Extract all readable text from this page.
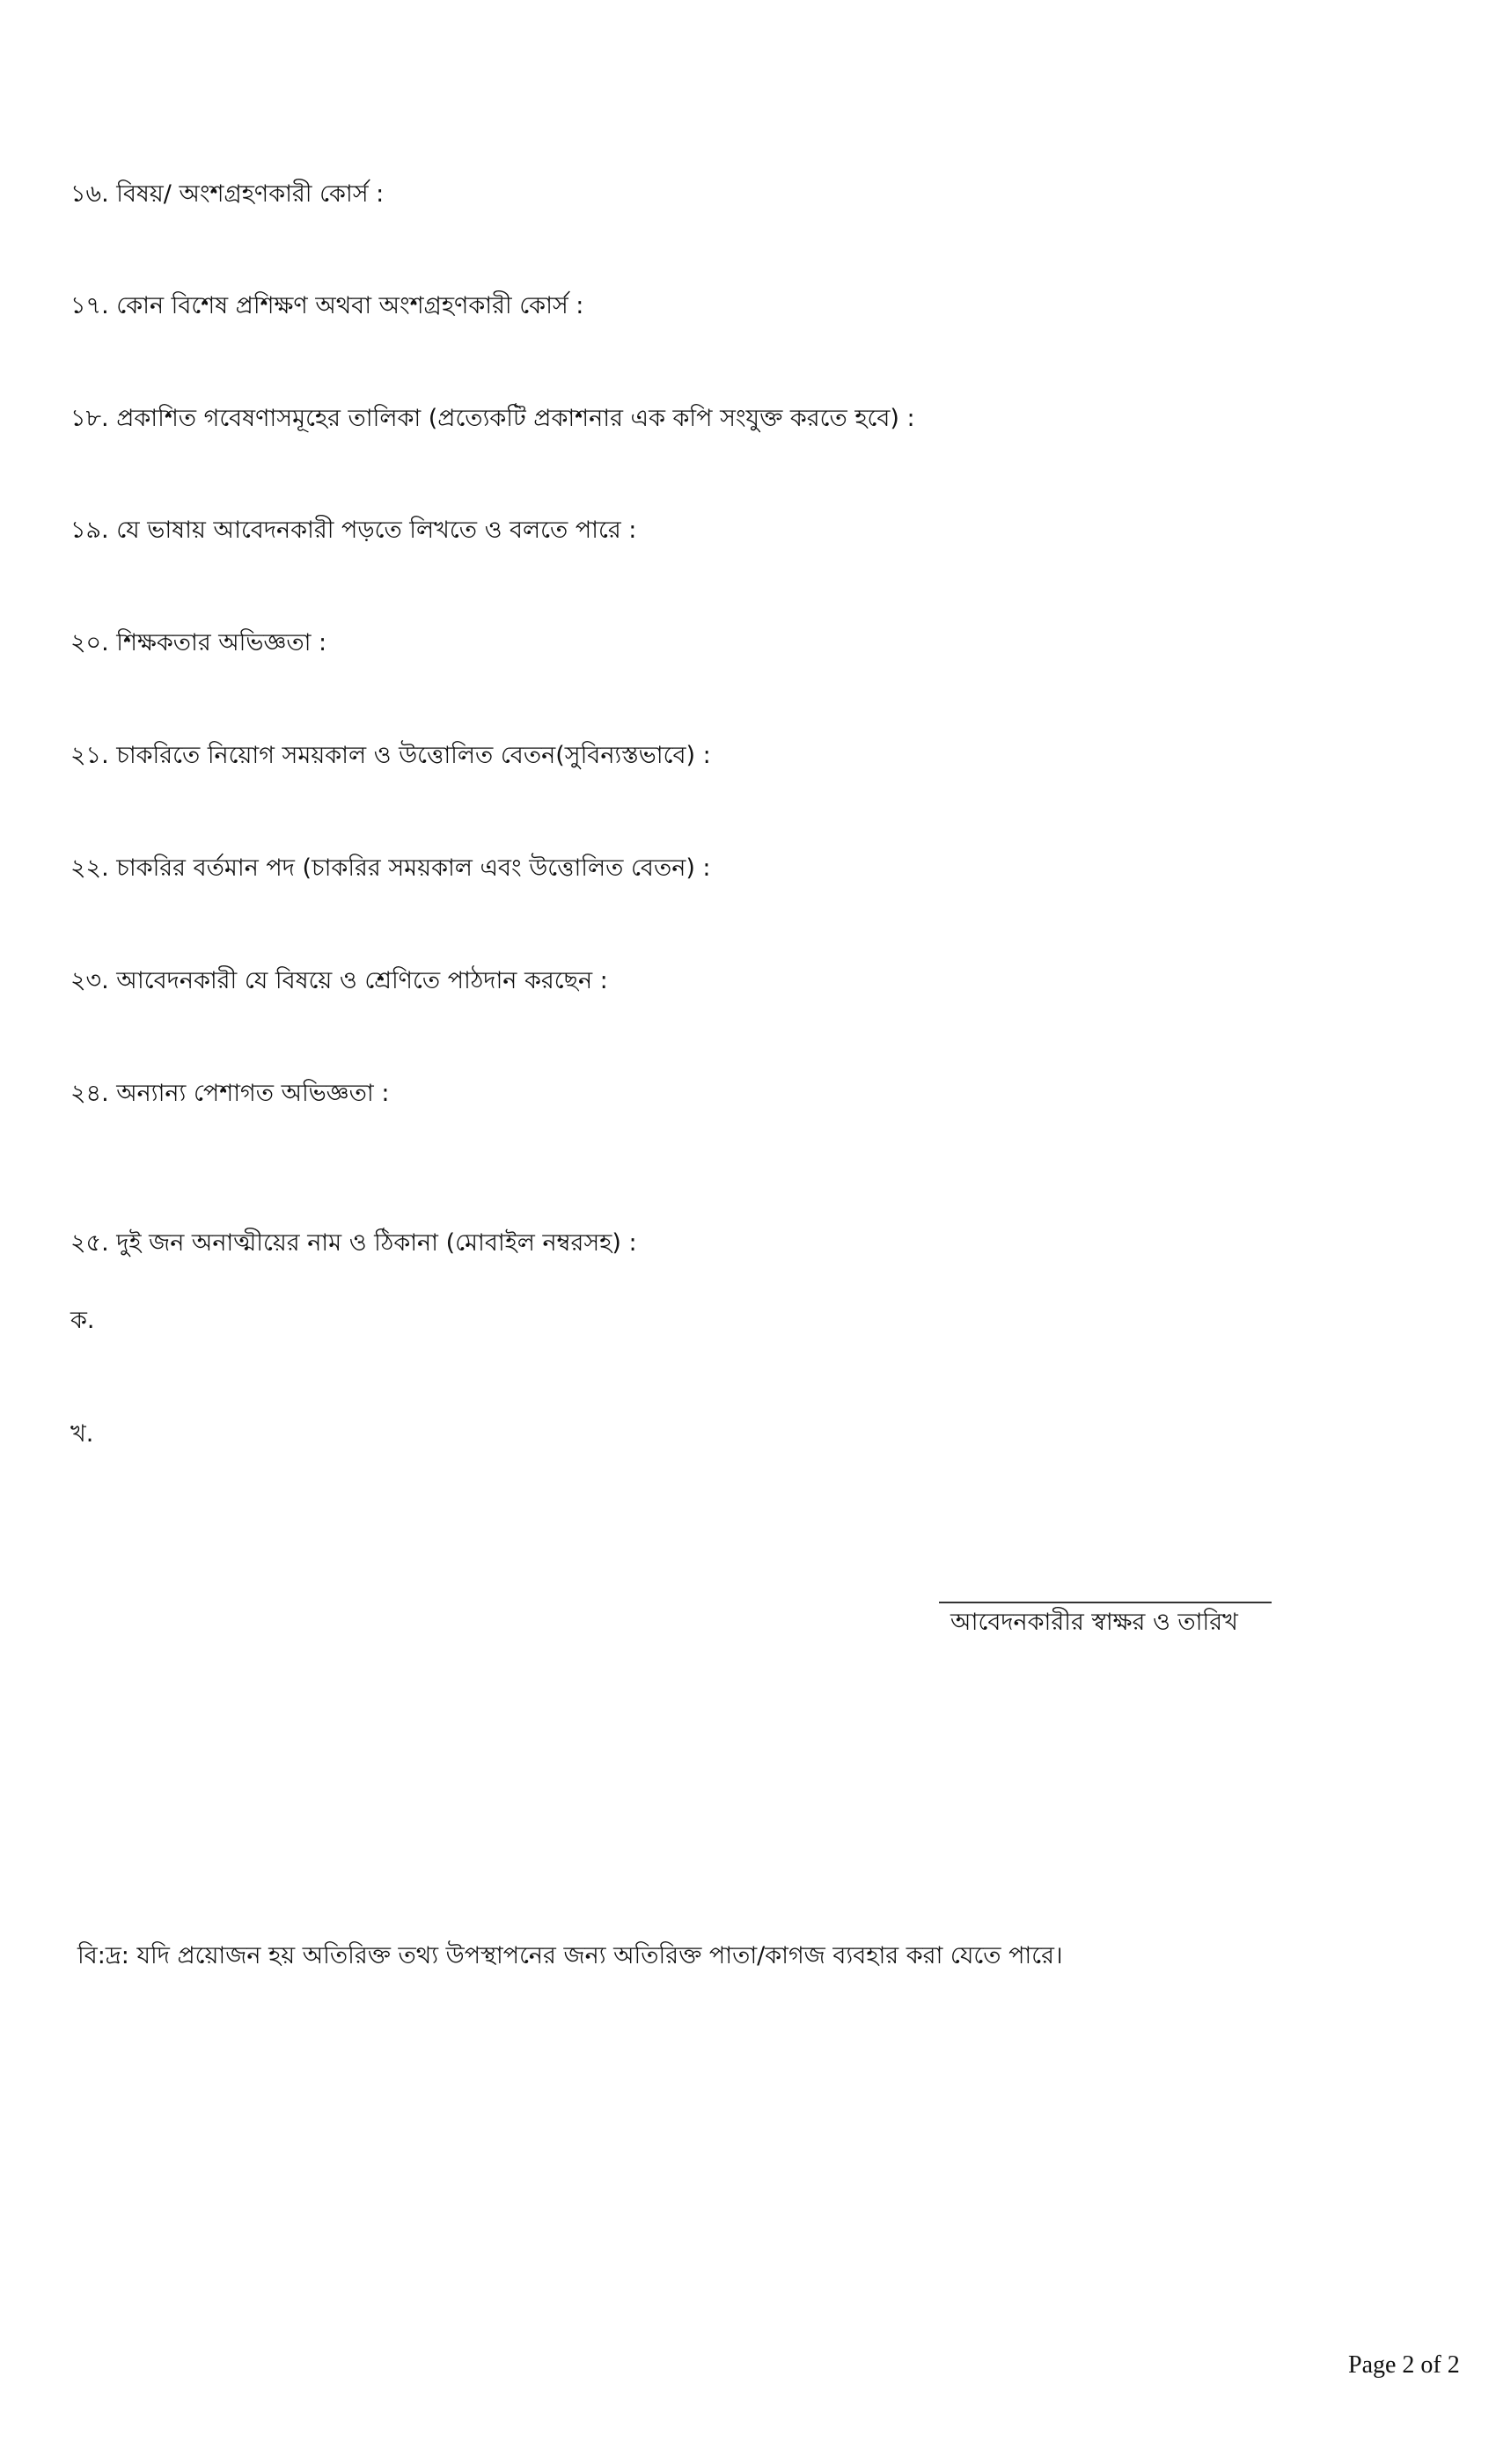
১৬. বিষয়/ অংশগ্রহণকারী কোর্স :
১৭. কোন বিশেষ প্রশিক্ষণ অথবা অংশগ্রহণকারী কোর্স :
১৮. প্রকাশিত গবেষণাসমূহের তালিকা (প্রত্যেকটি প্রকাশনার এক কপি সংযুক্ত করতে হবে) :
১৯. যে ভাষায় আবেদনকারী পড়তে লিখতে ও বলতে পারে :
২০. শিক্ষকতার অভিজ্ঞতা :
২১. চাকরিতে নিয়োগ সময়কাল ও উত্তোলিত বেতন(সুবিন্যস্তভাবে) :
২২. চাকরির বর্তমান পদ (চাকরির সময়কাল এবং উত্তোলিত বেতন) :
২৩. আবেদনকারী যে বিষয়ে ও শ্রেণিতে পাঠদান করছেন :
২৪. অন্যান্য পেশাগত অভিজ্ঞতা :
২৫. দুই জন অনাত্মীয়ের নাম ও ঠিকানা (মোবাইল নম্বরসহ) :
ক.
খ.
আবেদনকারীর স্বাক্ষর ও তারিখ
বি:দ্র: যদি প্রয়োজন হয় অতিরিক্ত তথ্য উপস্থাপনের জন্য অতিরিক্ত পাতা/কাগজ ব্যবহার করা যেতে পারে।
Page 2 of 2
